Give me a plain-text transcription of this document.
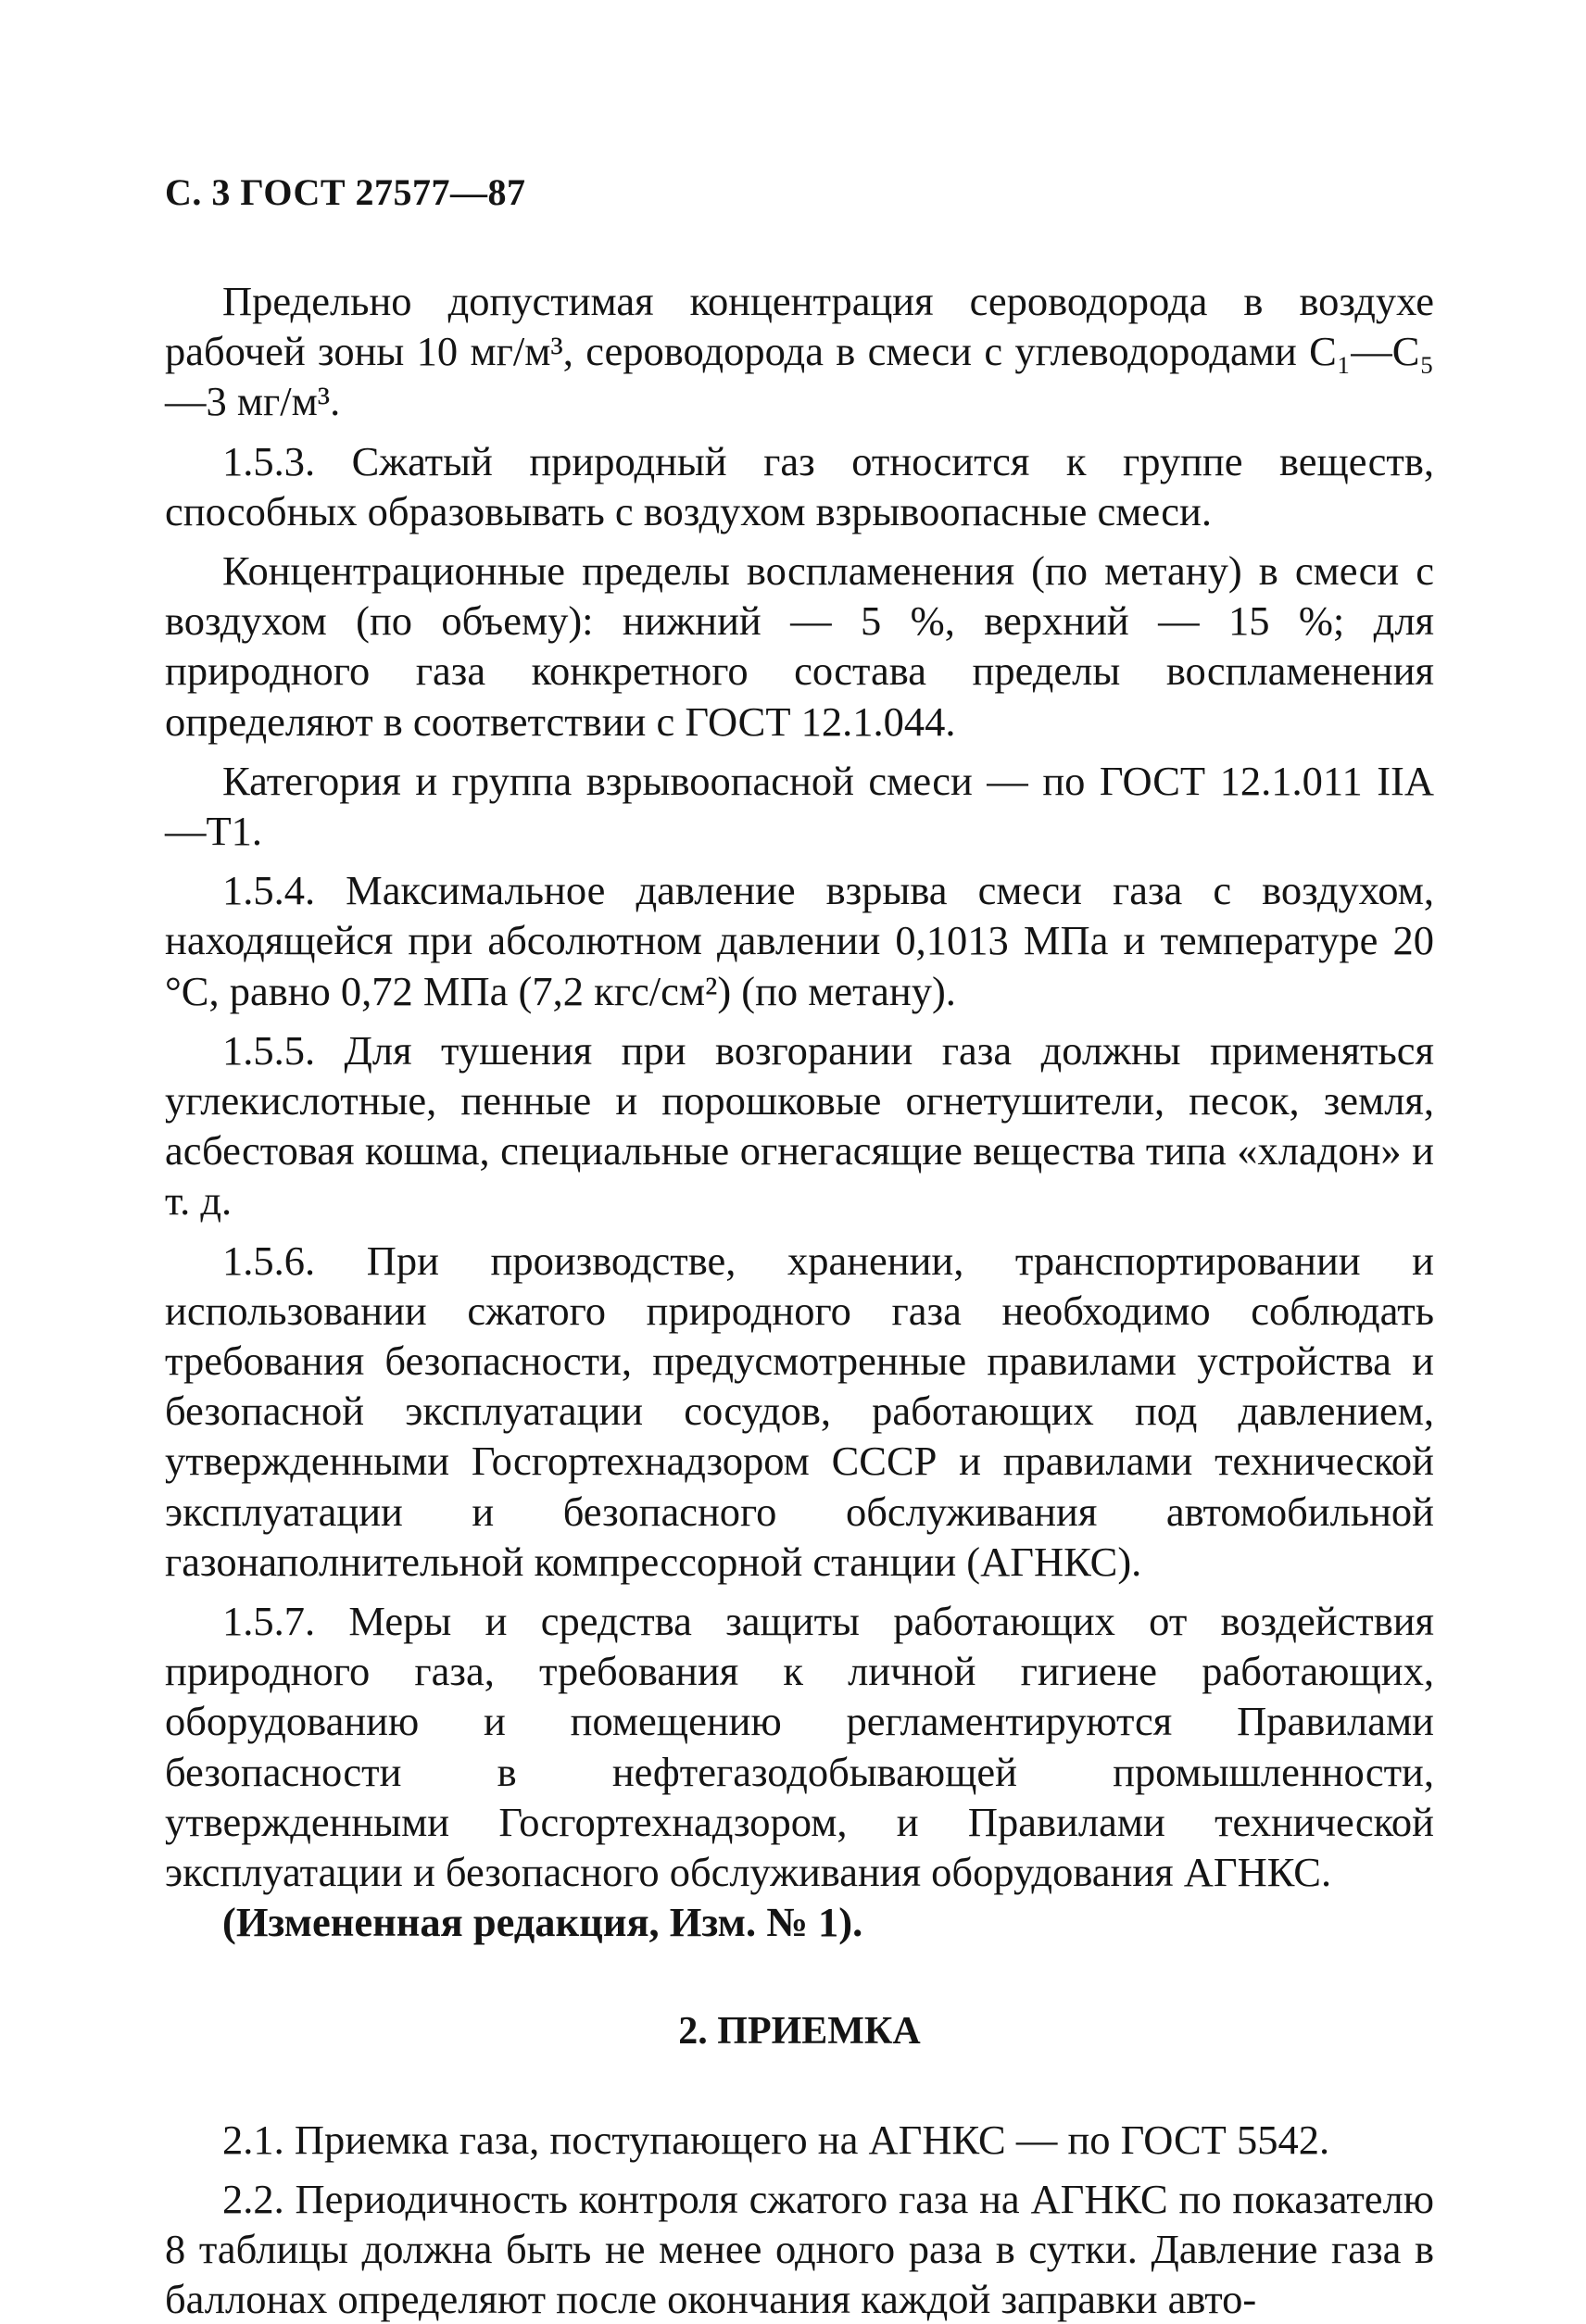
С. 3 ГОСТ 27577—87

Предельно допустимая концентрация сероводорода в воздухе рабочей зоны 10 мг/м³, сероводорода в смеси с углеводородами C₁—C₅—3 мг/м³.

1.5.3. Сжатый природный газ относится к группе веществ, способных образовывать с воздухом взрывоопасные смеси.

Концентрационные пределы воспламенения (по метану) в смеси с воздухом (по объему): нижний — 5 %, верхний — 15 %; для природного газа конкретного состава пределы воспламенения определяют в соответствии с ГОСТ 12.1.044.

Категория и группа взрывоопасной смеси — по ГОСТ 12.1.011 IIA—T1.

1.5.4. Максимальное давление взрыва смеси газа с воздухом, находящейся при абсолютном давлении 0,1013 МПа и температуре 20 °C, равно 0,72 МПа (7,2 кгс/см²) (по метану).

1.5.5. Для тушения при возгорании газа должны применяться углекислотные, пенные и порошковые огнетушители, песок, земля, асбестовая кошма, специальные огнегасящие вещества типа «хладон» и т. д.

1.5.6. При производстве, хранении, транспортировании и использовании сжатого природного газа необходимо соблюдать требования безопасности, предусмотренные правилами устройства и безопасной эксплуатации сосудов, работающих под давлением, утвержденными Госгортехнадзором СССР и правилами технической эксплуатации и безопасного обслуживания автомобильной газонаполнительной компрессорной станции (АГНКС).

1.5.7. Меры и средства защиты работающих от воздействия природного газа, требования к личной гигиене работающих, оборудованию и помещению регламентируются Правилами безопасности в нефтегазодобывающей промышленности, утвержденными Госгортехнадзором, и Правилами технической эксплуатации и безопасного обслуживания оборудования АГНКС.

(Измененная редакция, Изм. № 1).

2. ПРИЕМКА

2.1. Приемка газа, поступающего на АГНКС — по ГОСТ 5542.

2.2. Периодичность контроля сжатого газа на АГНКС по показателю 8 таблицы должна быть не менее одного раза в сутки. Давление газа в баллонах определяют после окончания каждой заправки авто-
